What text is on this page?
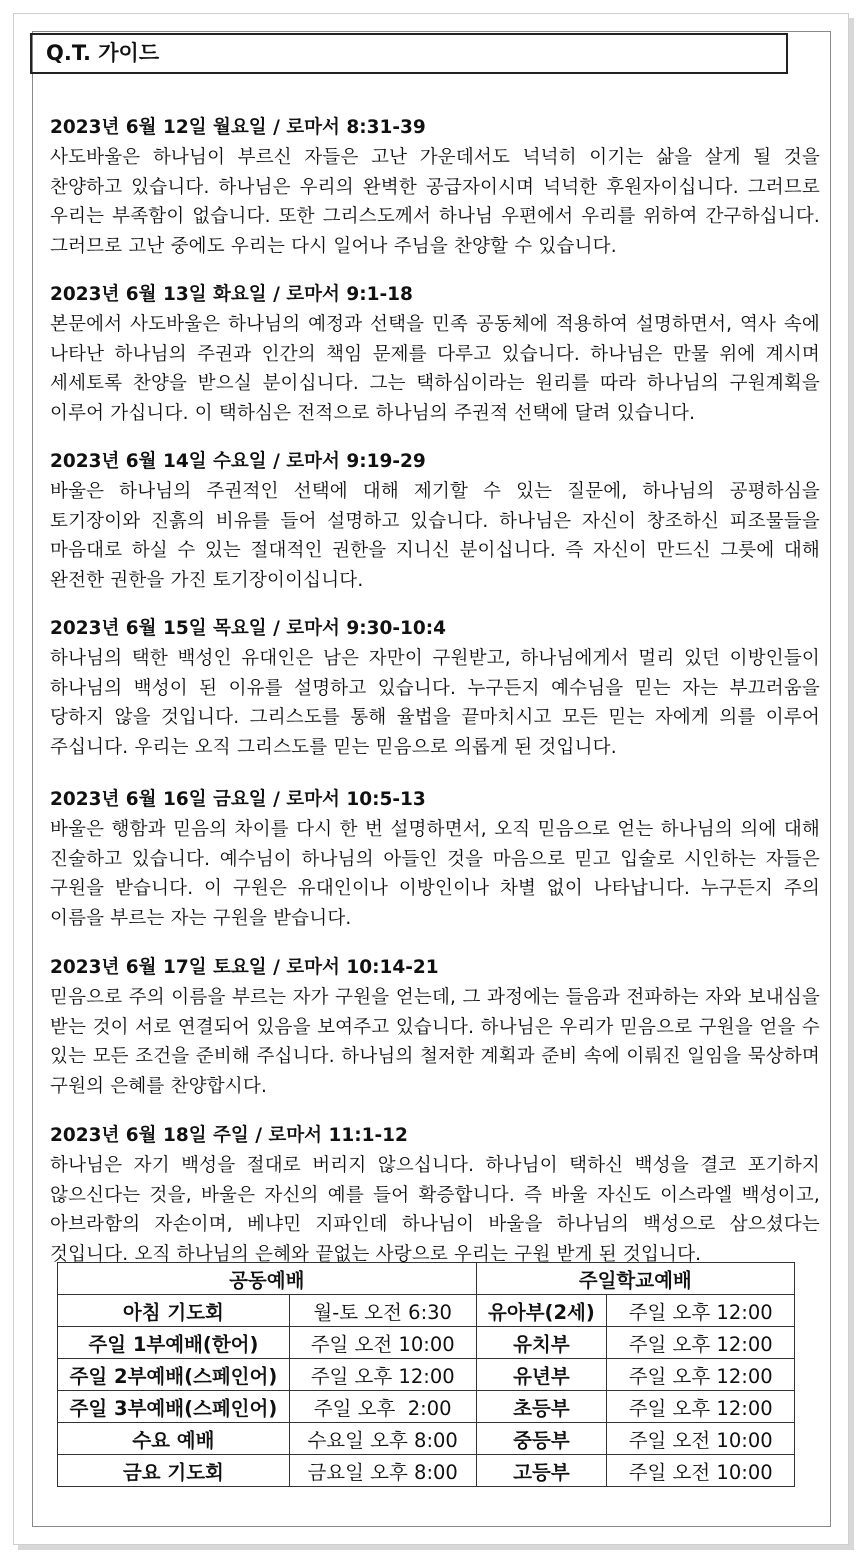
Q.T. 가이드
2023년 6월 12일 월요일 / 로마서 8:31-39

사도바울은 하나님이 부르신 자들은 고난 가운데서도 넉넉히 이기는 삶을 살게 될 것을 찬양하고 있습니다. 하나님은 우리의 완벽한 공급자이시며 넉넉한 후원자이십니다. 그러므로 우리는 부족함이 없습니다. 또한 그리스도께서 하나님 우편에서 우리를 위하여 간구하십니다. 그러므로 고난 중에도 우리는 다시 일어나 주님을 찬양할 수 있습니다.

2023년 6월 13일 화요일 / 로마서 9:1-18

본문에서 사도바울은 하나님의 예정과 선택을 민족 공동체에 적용하여 설명하면서, 역사 속에 나타난 하나님의 주권과 인간의 책임 문제를 다루고 있습니다. 하나님은 만물 위에 계시며 세세토록 찬양을 받으실 분이십니다. 그는 택하심이라는 원리를 따라 하나님의 구원계획을 이루어 가십니다. 이 택하심은 전적으로 하나님의 주권적 선택에 달려 있습니다.

2023년 6월 14일 수요일 / 로마서 9:19-29

바울은 하나님의 주권적인 선택에 대해 제기할 수 있는 질문에, 하나님의 공평하심을 토기장이와 진흙의 비유를 들어 설명하고 있습니다. 하나님은 자신이 창조하신 피조물들을 마음대로 하실 수 있는 절대적인 권한을 지니신 분이십니다. 즉 자신이 만드신 그릇에 대해 완전한 권한을 가진 토기장이이십니다.

2023년 6월 15일 목요일 / 로마서 9:30-10:4

하나님의 택한 백성인 유대인은 남은 자만이 구원받고, 하나님에게서 멀리 있던 이방인들이 하나님의 백성이 된 이유를 설명하고 있습니다. 누구든지 예수님을 믿는 자는 부끄러움을 당하지 않을 것입니다. 그리스도를 통해 율법을 끝마치시고 모든 믿는 자에게 의를 이루어 주십니다. 우리는 오직 그리스도를 믿는 믿음으로 의롭게 된 것입니다.

2023년 6월 16일 금요일 / 로마서 10:5-13

바울은 행함과 믿음의 차이를 다시 한 번 설명하면서, 오직 믿음으로 얻는 하나님의 의에 대해 진술하고 있습니다. 예수님이 하나님의 아들인 것을 마음으로 믿고 입술로 시인하는 자들은 구원을 받습니다. 이 구원은 유대인이나 이방인이나 차별 없이 나타납니다. 누구든지 주의 이름을 부르는 자는 구원을 받습니다.

2023년 6월 17일 토요일 / 로마서 10:14-21

믿음으로 주의 이름을 부르는 자가 구원을 얻는데, 그 과정에는 들음과 전파하는 자와 보내심을 받는 것이 서로 연결되어 있음을 보여주고 있습니다. 하나님은 우리가 믿음으로 구원을 얻을 수 있는 모든 조건을 준비해 주십니다. 하나님의 철저한 계획과 준비 속에 이뤄진 일임을 묵상하며 구원의 은혜를 찬양합시다.

2023년 6월 18일 주일 / 로마서 11:1-12

하나님은 자기 백성을 절대로 버리지 않으십니다. 하나님이 택하신 백성을 결코 포기하지 않으신다는 것을, 바울은 자신의 예를 들어 확증합니다. 즉 바울 자신도 이스라엘 백성이고, 아브라함의 자손이며, 베냐민 지파인데 하나님이 바울을 하나님의 백성으로 삼으셨다는 것입니다. 오직 하나님의 은혜와 끝없는 사랑으로 우리는 구원 받게 된 것입니다.

공동예배		주일학교예배	
아침 기도회	월-토 오전 6:30	유아부(2세)	주일 오후 12:00
주일 1부예배(한어)	주일 오전 10:00	유치부	주일 오후 12:00
주일 2부예배(스페인어)	주일 오후 12:00	유년부	주일 오후 12:00
주일 3부예배(스페인어)	주일 오후  2:00	초등부	주일 오후 12:00
수요 예배	수요일 오후 8:00	중등부	주일 오전 10:00
금요 기도회	금요일 오후 8:00	고등부	주일 오전 10:00
